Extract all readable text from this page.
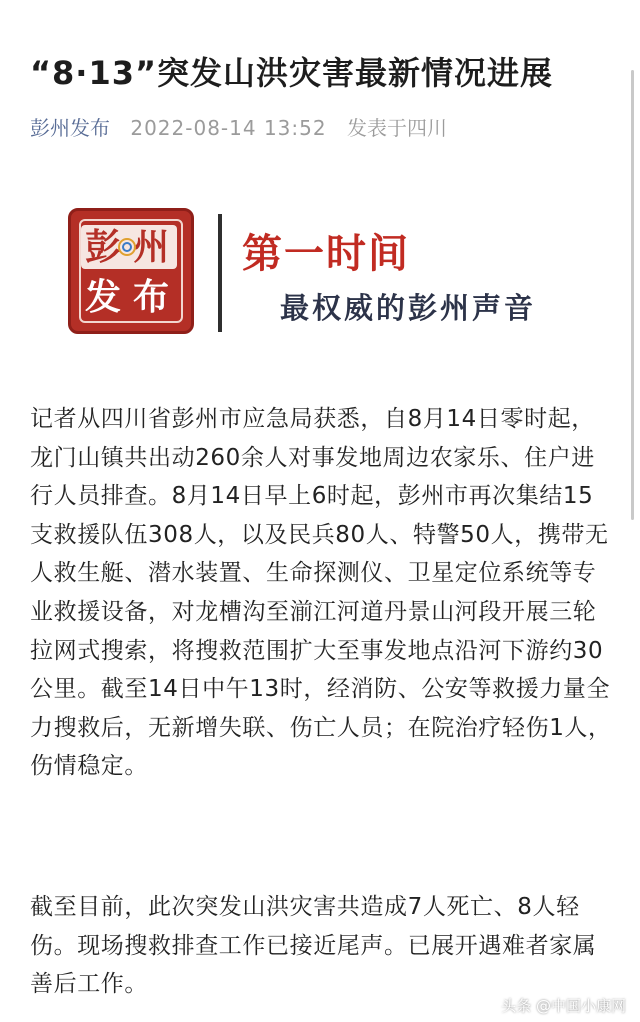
“8·13”突发山洪灾害最新情况进展
彭州发布 2022-08-14 13:52 发表于四川
彭 州
发 布
第一时间
最权威的彭州声音

记者从四川省彭州市应急局获悉，自8月14日零时起，龙门山镇共出动260余人对事发地周边农家乐、住户进行人员排查。8月14日早上6时起，彭州市再次集结15支救援队伍308人，以及民兵80人、特警50人，携带无人救生艇、潜水装置、生命探测仪、卫星定位系统等专业救援设备，对龙槽沟至湔江河道丹景山河段开展三轮拉网式搜索，将搜救范围扩大至事发地点沿河下游约30公里。截至14日中午13时，经消防、公安等救援力量全力搜救后，无新增失联、伤亡人员；在院治疗轻伤1人，伤情稳定。

截至目前，此次突发山洪灾害共造成7人死亡、8人轻伤。现场搜救排查工作已接近尾声。已展开遇难者家属善后工作。

头条 @中国小康网
